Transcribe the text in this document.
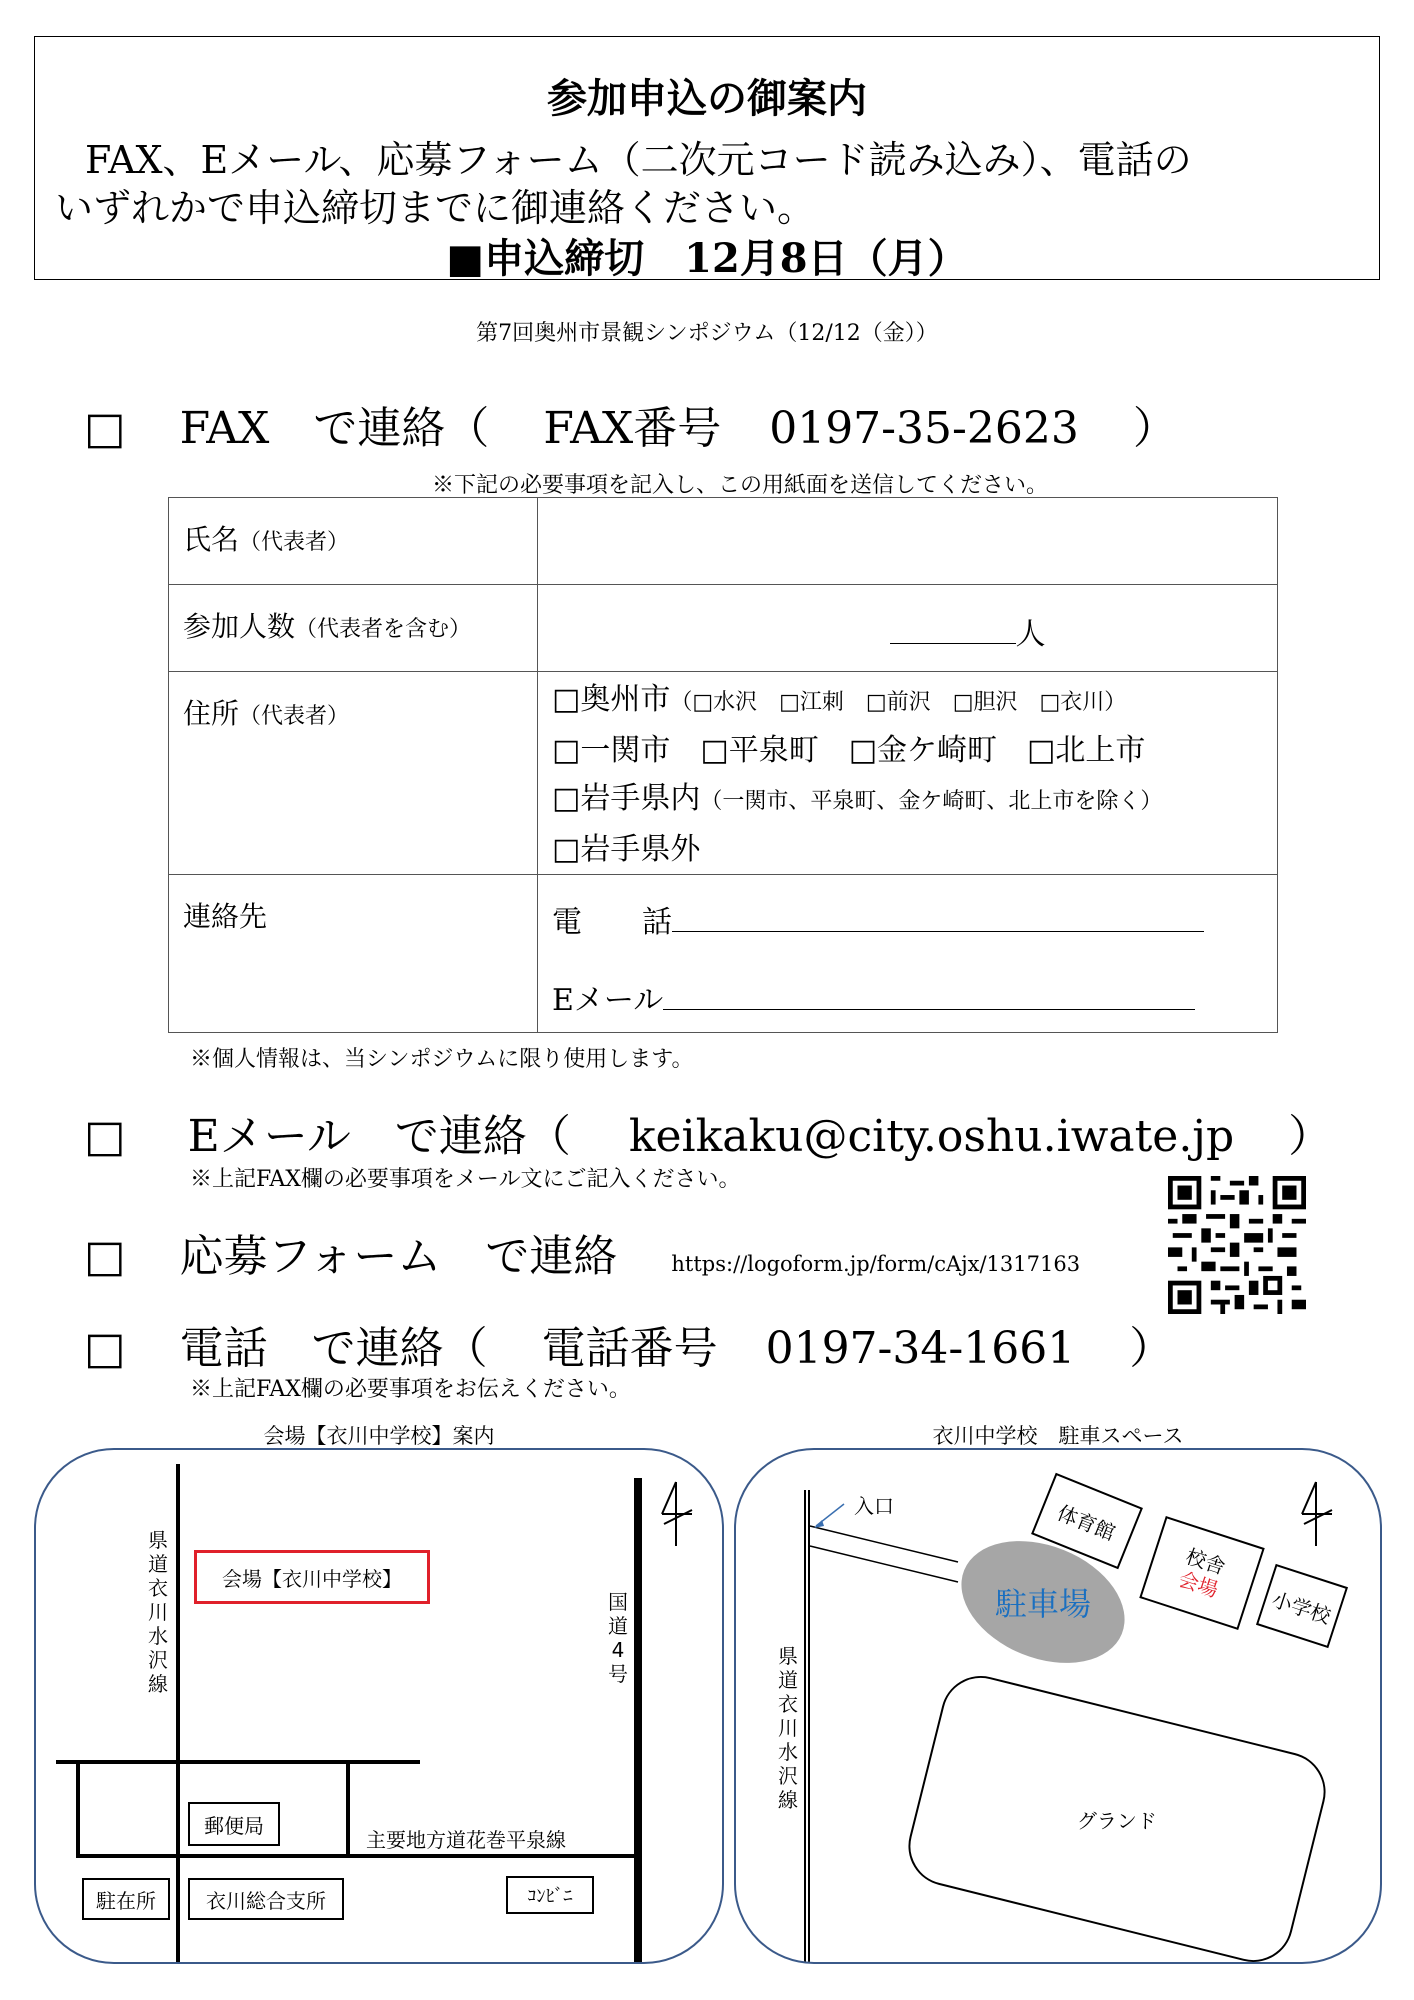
参加申込の御案内
FAX、Eメール、応募フォーム（二次元コード読み込み）、電話の
いずれかで申込締切までに御連絡ください。
■申込締切　12月8日（月）
第7回奥州市景観シンポジウム（12/12（金））
□ FAX　で連絡（ FAX番号 0197-35-2623 ）
※下記の必要事項を記入し、この用紙面を送信してください。
氏名（代表者）	
参加人数（代表者を含む）	人
住所（代表者）	□奥州市（□水沢　□江刺　□前沢　□胆沢　□衣川）
□一関市　□平泉町　□金ケ崎町　□北上市
□岩手県内（一関市、平泉町、金ケ崎町、北上市を除く）
□岩手県外

連絡先	電　　話
Eメール
※個人情報は、当シンポジウムに限り使用します。
□ Eメール　で連絡（ keikaku@city.oshu.iwate.jp ）
※上記FAX欄の必要事項をメール文にご記入ください。
□ 応募フォーム　で連絡	https://logoform.jp/form/cAjx/1317163
□ 電話　で連絡（ 電話番号 0197-34-1661 ）
※上記FAX欄の必要事項をお伝えください。
会場【衣川中学校】案内
県道衣川水沢線
国道4号
会場【衣川中学校】
郵便局
主要地方道花巻平泉線
駐在所	衣川総合支所	ｺﾝﾋﾞﾆ
衣川中学校　駐車スペース
県道衣川水沢線
入口	体育館
校舎
会場
小学校
駐車場
グランド
